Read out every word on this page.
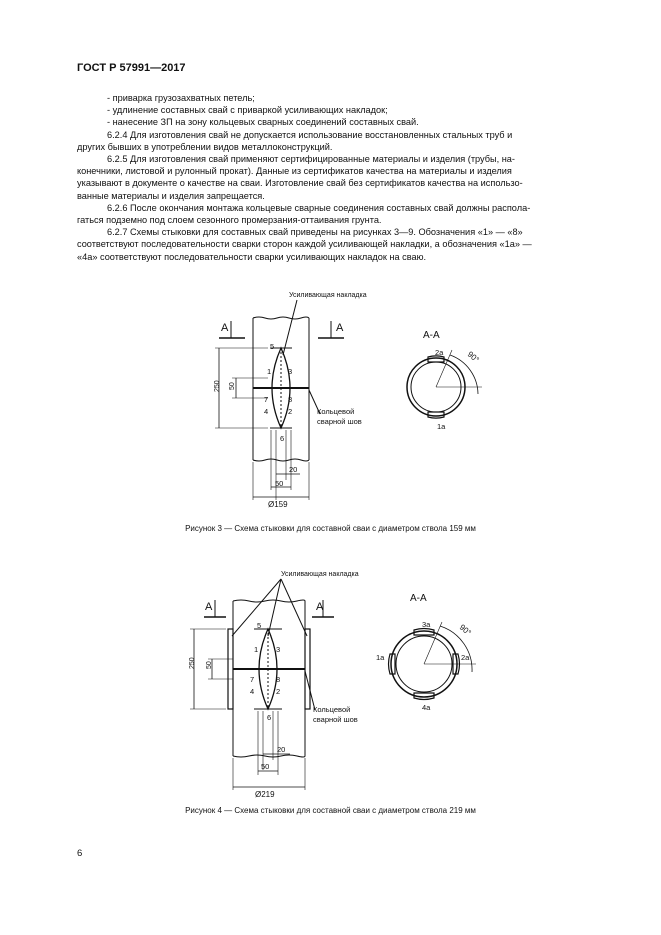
ГОСТ Р 57991—2017

- приварка грузозахватных петель;

- удлинение составных свай с приваркой усиливающих накладок;

- нанесение ЗП на зону кольцевых сварных соединений составных свай.

6.2.4 Для изготовления свай не допускается использование восстановленных стальных труб и
других бывших в употреблении видов металлоконструкций.

6.2.5 Для изготовления свай применяют сертифицированные материалы и изделия (трубы, на-
конечники, листовой и рулонный прокат). Данные из сертификатов качества на материалы и изделия
указывают в документе о качестве на сваи. Изготовление свай без сертификатов качества на использо-
ванные материалы и изделия запрещается.

6.2.6 После окончания монтажа кольцевые сварные соединения составных свай должны распола-
гаться подземно под слоем сезонного промерзания-оттаивания грунта.

6.2.7 Схемы стыковки для составных свай приведены на рисунках 3—9. Обозначения «1» — «8»
соответствуют последовательности сварки сторон каждой усиливающей накладки, а обозначения «1а» —
«4а» соответствуют последовательности сварки усиливающих накладок на сваю.

Усиливающая накладка
Кольцевой
сварной шов
А	А
А-А
250 50
20
50
Ø159
90°
5
1 3
7	8
4	2
6
2а
1а
Рисунок 3 — Схема стыковки для составной сваи с диаметром ствола 159 мм
Усиливающая накладка
Кольцевой
сварной шов
А	А
А-А
250 50
20
50
Ø219
90°
5
1 3
7	8
4	2
6
3а
1а	2а
4а
Рисунок 4 — Схема стыковки для составной сваи с диаметром ствола 219 мм
6
